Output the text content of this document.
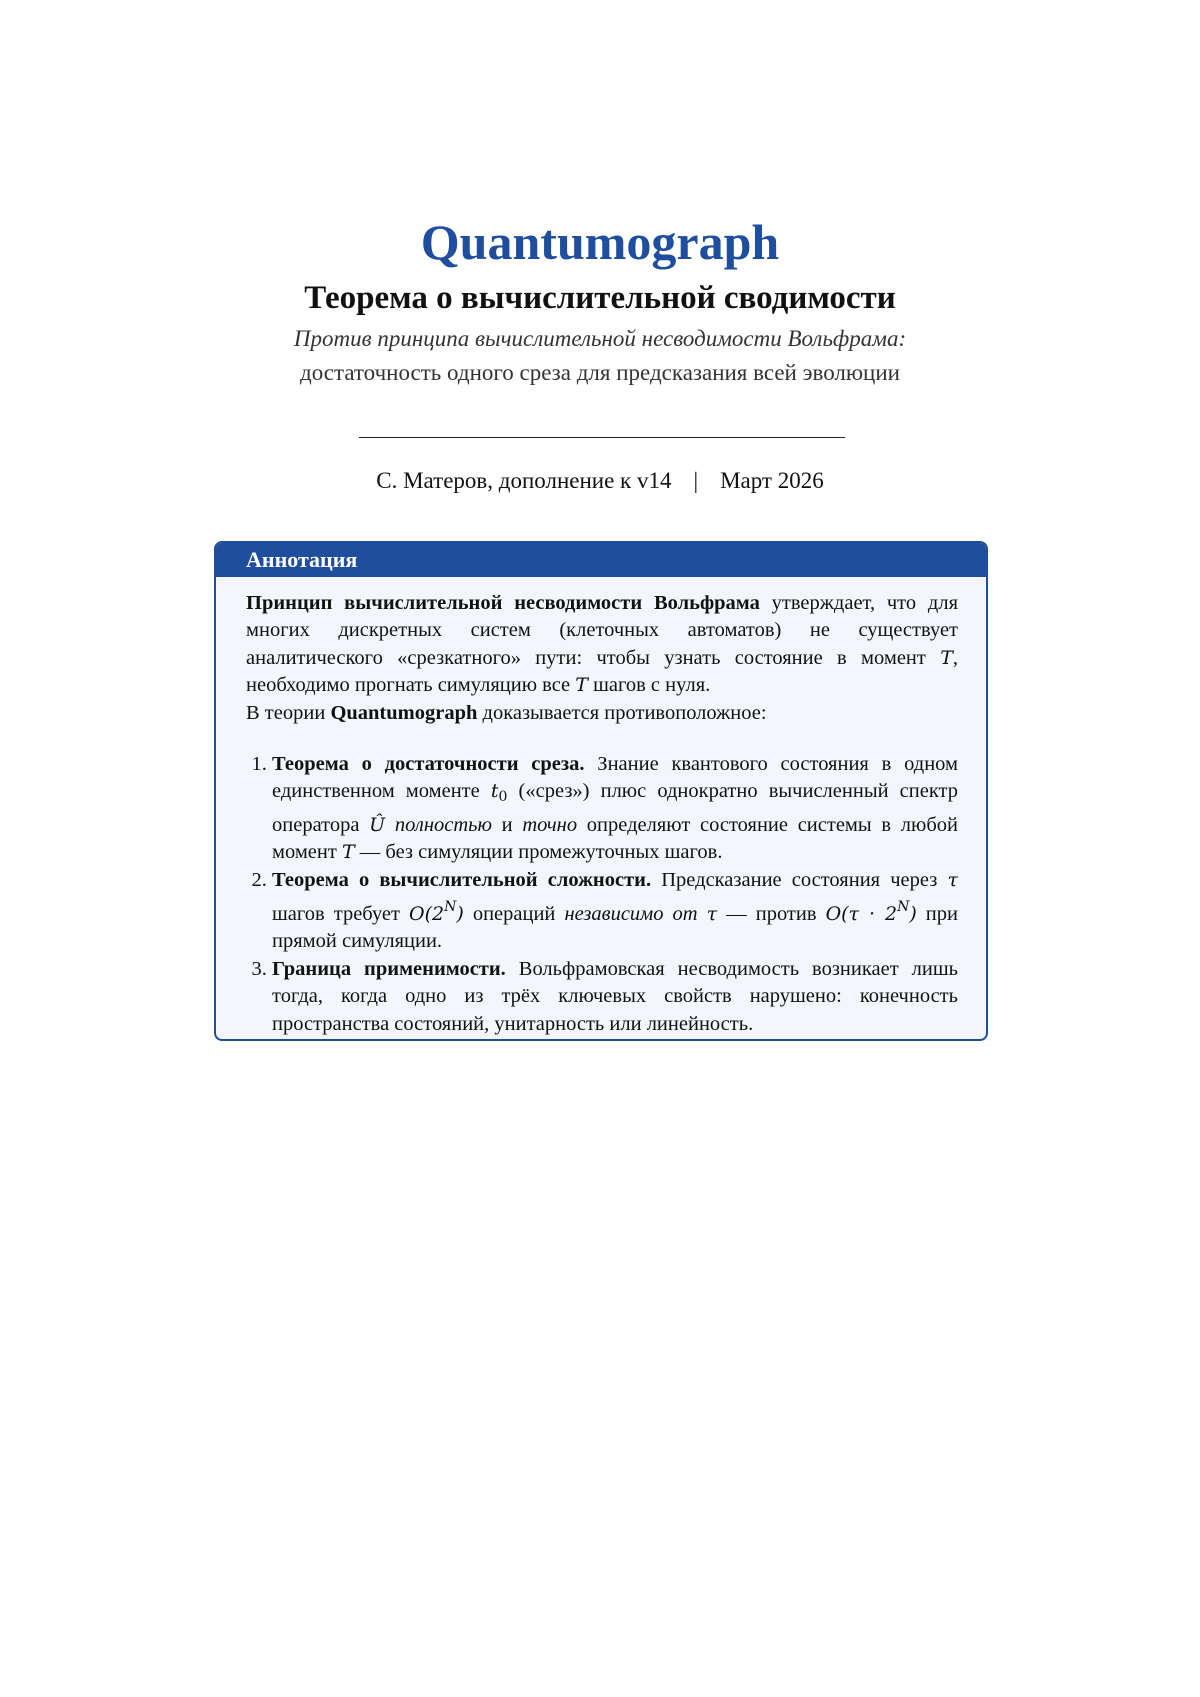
Quantumograph
Теорема о вычислительной сводимости
Против принципа вычислительной несводимости Вольфрама:
достаточность одного среза для предсказания всей эволюции
С. Матеров, дополнение к v14 | Март 2026
Аннотация

Принцип вычислительной несводимости Вольфрама утверждает, что для многих дискретных систем (клеточных автоматов) не существует аналитического «срезкатного» пути: чтобы узнать состояние в момент T, необходимо прогнать симуляцию все T шагов с нуля.

В теории Quantumograph доказывается противоположное:

1. Теорема о достаточности среза. Знание квантового состояния в одном единственном моменте $t_0$ («срез») плюс однократно вычисленный спектр оператора Û полностью и точно определяют состояние системы в любой момент T — без симуляции промежуточных шагов.
2. Теорема о вычислительной сложности. Предсказание состояния через τ шагов требует $O(2^N)$ операций независимо от τ — против $O(\tau \cdot 2^N)$ при прямой симуляции.
3. Граница применимости. Вольфрамовская несводимость возникает лишь тогда, когда одно из трёх ключевых свойств нарушено: конечность пространства состояний, унитарность или линейность.
